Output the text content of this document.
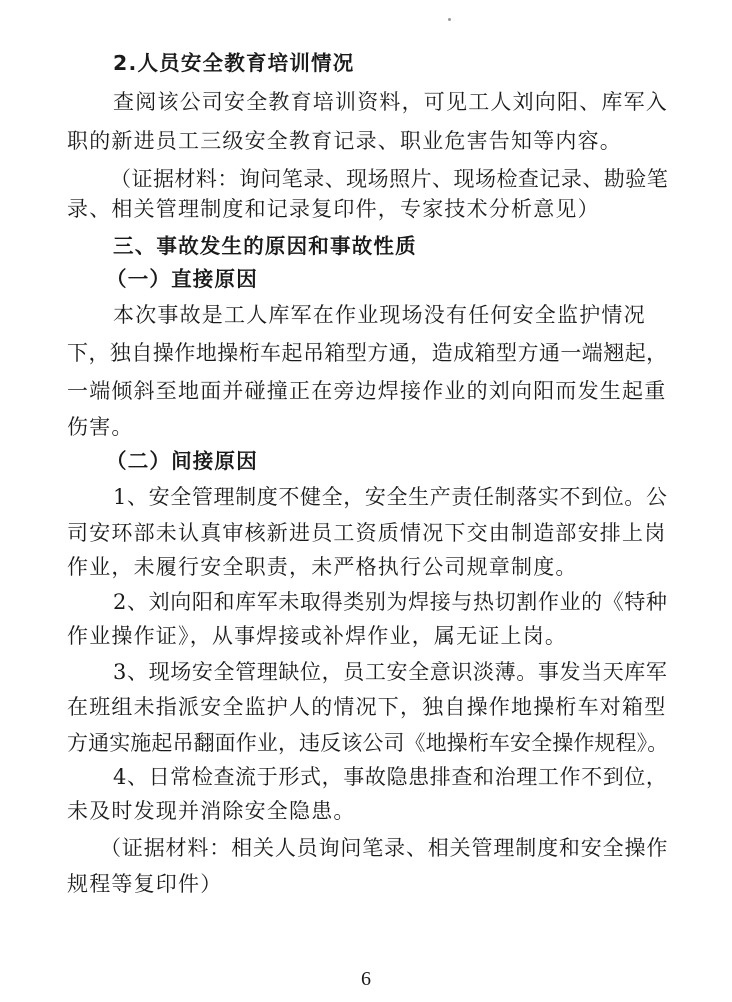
2.人员安全教育培训情况
查阅该公司安全教育培训资料，可见工人刘向阳、库军入
职的新进员工三级安全教育记录、职业危害告知等内容。
（证据材料：询问笔录、现场照片、现场检查记录、勘验笔
录、相关管理制度和记录复印件，专家技术分析意见）
三、事故发生的原因和事故性质
（一）直接原因
本次事故是工人库军在作业现场没有任何安全监护情况
下，独自操作地操桁车起吊箱型方通，造成箱型方通一端翘起，
一端倾斜至地面并碰撞正在旁边焊接作业的刘向阳而发生起重
伤害。
（二）间接原因
1、安全管理制度不健全，安全生产责任制落实不到位。公
司安环部未认真审核新进员工资质情况下交由制造部安排上岗
作业，未履行安全职责，未严格执行公司规章制度。
2、刘向阳和库军未取得类别为焊接与热切割作业的《特种
作业操作证》，从事焊接或补焊作业，属无证上岗。
3、现场安全管理缺位，员工安全意识淡薄。事发当天库军
在班组未指派安全监护人的情况下，独自操作地操桁车对箱型
方通实施起吊翻面作业，违反该公司《地操桁车安全操作规程》。
4、日常检查流于形式，事故隐患排查和治理工作不到位，
未及时发现并消除安全隐患。
（证据材料：相关人员询问笔录、相关管理制度和安全操作
规程等复印件）
6
